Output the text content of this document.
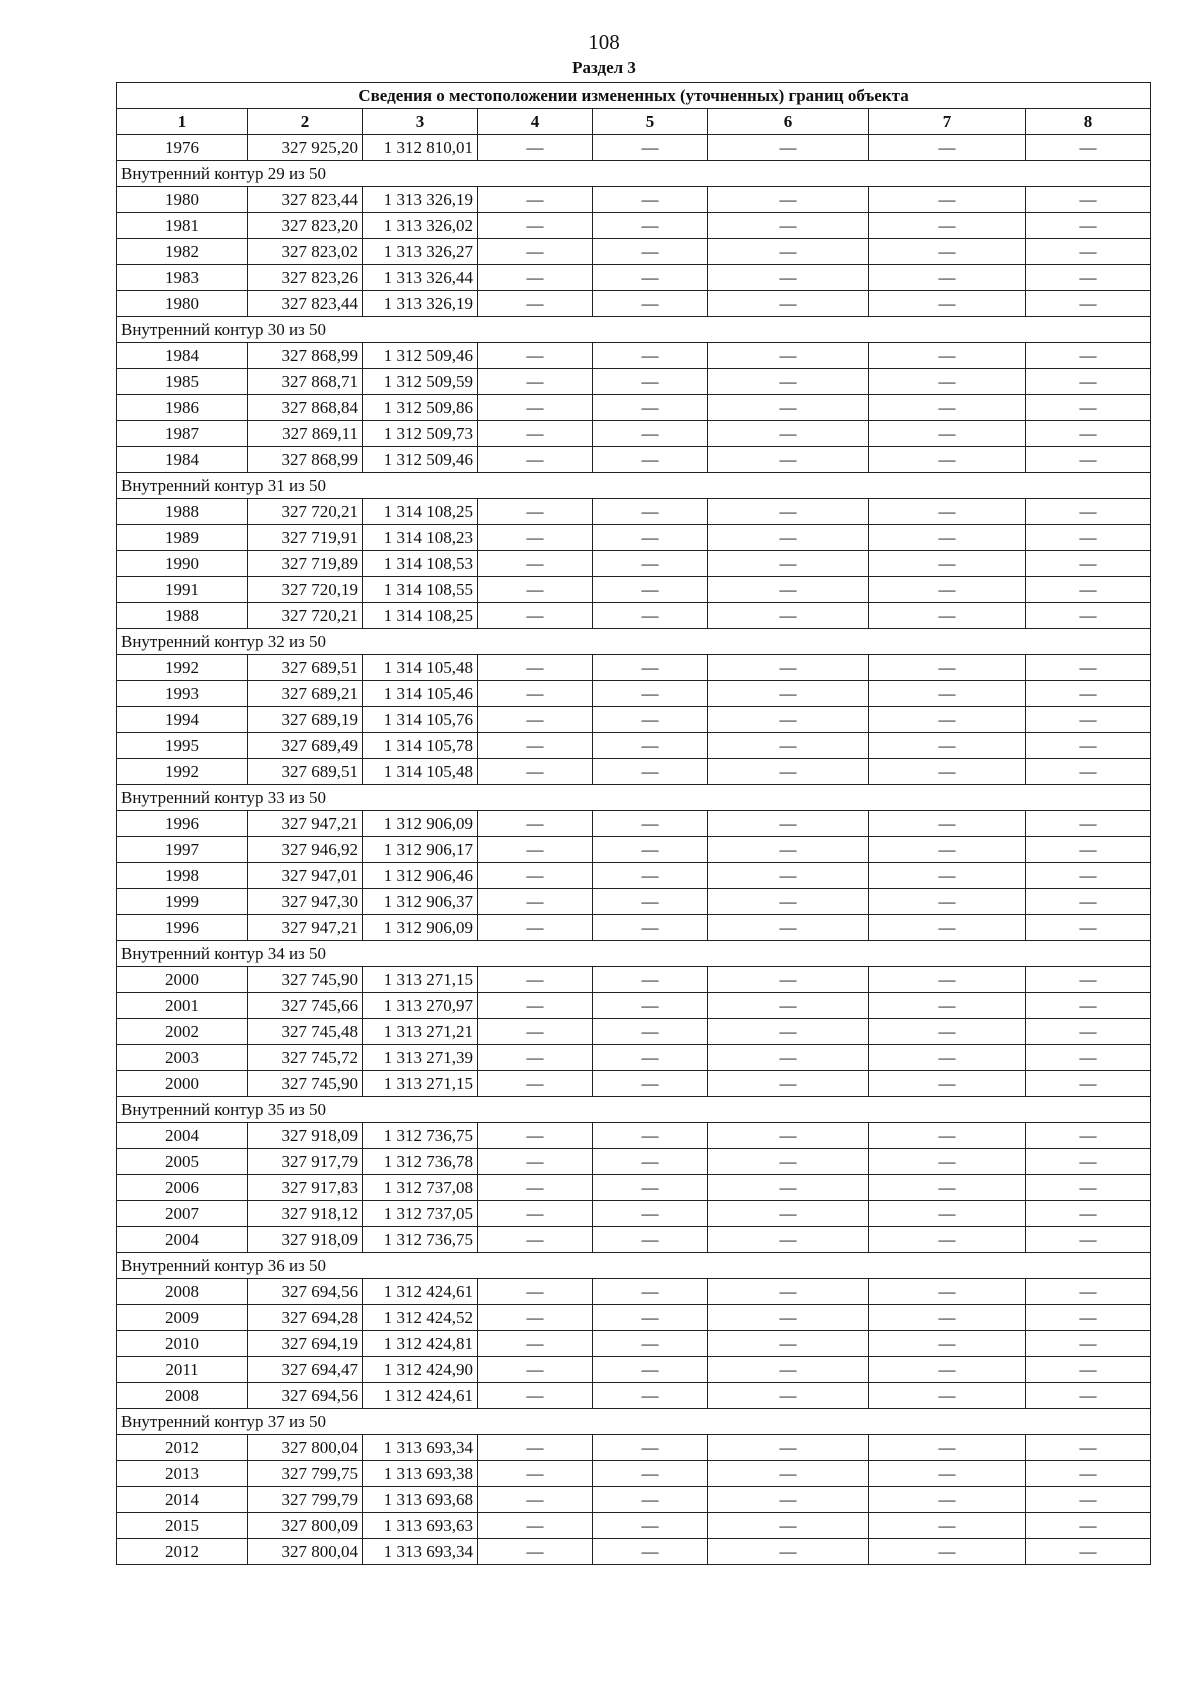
108
Раздел 3
Сведения о местоположении измененных (уточненных) границ объекта							
1	2	3	4	5	6	7	8
1976	327 925,20	1 312 810,01	—	—	—	—	—
Внутренний контур 29 из 50							
1980	327 823,44	1 313 326,19	—	—	—	—	—
1981	327 823,20	1 313 326,02	—	—	—	—	—
1982	327 823,02	1 313 326,27	—	—	—	—	—
1983	327 823,26	1 313 326,44	—	—	—	—	—
1980	327 823,44	1 313 326,19	—	—	—	—	—
Внутренний контур 30 из 50							
1984	327 868,99	1 312 509,46	—	—	—	—	—
1985	327 868,71	1 312 509,59	—	—	—	—	—
1986	327 868,84	1 312 509,86	—	—	—	—	—
1987	327 869,11	1 312 509,73	—	—	—	—	—
1984	327 868,99	1 312 509,46	—	—	—	—	—
Внутренний контур 31 из 50							
1988	327 720,21	1 314 108,25	—	—	—	—	—
1989	327 719,91	1 314 108,23	—	—	—	—	—
1990	327 719,89	1 314 108,53	—	—	—	—	—
1991	327 720,19	1 314 108,55	—	—	—	—	—
1988	327 720,21	1 314 108,25	—	—	—	—	—
Внутренний контур 32 из 50							
1992	327 689,51	1 314 105,48	—	—	—	—	—
1993	327 689,21	1 314 105,46	—	—	—	—	—
1994	327 689,19	1 314 105,76	—	—	—	—	—
1995	327 689,49	1 314 105,78	—	—	—	—	—
1992	327 689,51	1 314 105,48	—	—	—	—	—
Внутренний контур 33 из 50							
1996	327 947,21	1 312 906,09	—	—	—	—	—
1997	327 946,92	1 312 906,17	—	—	—	—	—
1998	327 947,01	1 312 906,46	—	—	—	—	—
1999	327 947,30	1 312 906,37	—	—	—	—	—
1996	327 947,21	1 312 906,09	—	—	—	—	—
Внутренний контур 34 из 50							
2000	327 745,90	1 313 271,15	—	—	—	—	—
2001	327 745,66	1 313 270,97	—	—	—	—	—
2002	327 745,48	1 313 271,21	—	—	—	—	—
2003	327 745,72	1 313 271,39	—	—	—	—	—
2000	327 745,90	1 313 271,15	—	—	—	—	—
Внутренний контур 35 из 50							
2004	327 918,09	1 312 736,75	—	—	—	—	—
2005	327 917,79	1 312 736,78	—	—	—	—	—
2006	327 917,83	1 312 737,08	—	—	—	—	—
2007	327 918,12	1 312 737,05	—	—	—	—	—
2004	327 918,09	1 312 736,75	—	—	—	—	—
Внутренний контур 36 из 50							
2008	327 694,56	1 312 424,61	—	—	—	—	—
2009	327 694,28	1 312 424,52	—	—	—	—	—
2010	327 694,19	1 312 424,81	—	—	—	—	—
2011	327 694,47	1 312 424,90	—	—	—	—	—
2008	327 694,56	1 312 424,61	—	—	—	—	—
Внутренний контур 37 из 50							
2012	327 800,04	1 313 693,34	—	—	—	—	—
2013	327 799,75	1 313 693,38	—	—	—	—	—
2014	327 799,79	1 313 693,68	—	—	—	—	—
2015	327 800,09	1 313 693,63	—	—	—	—	—
2012	327 800,04	1 313 693,34	—	—	—	—	—
